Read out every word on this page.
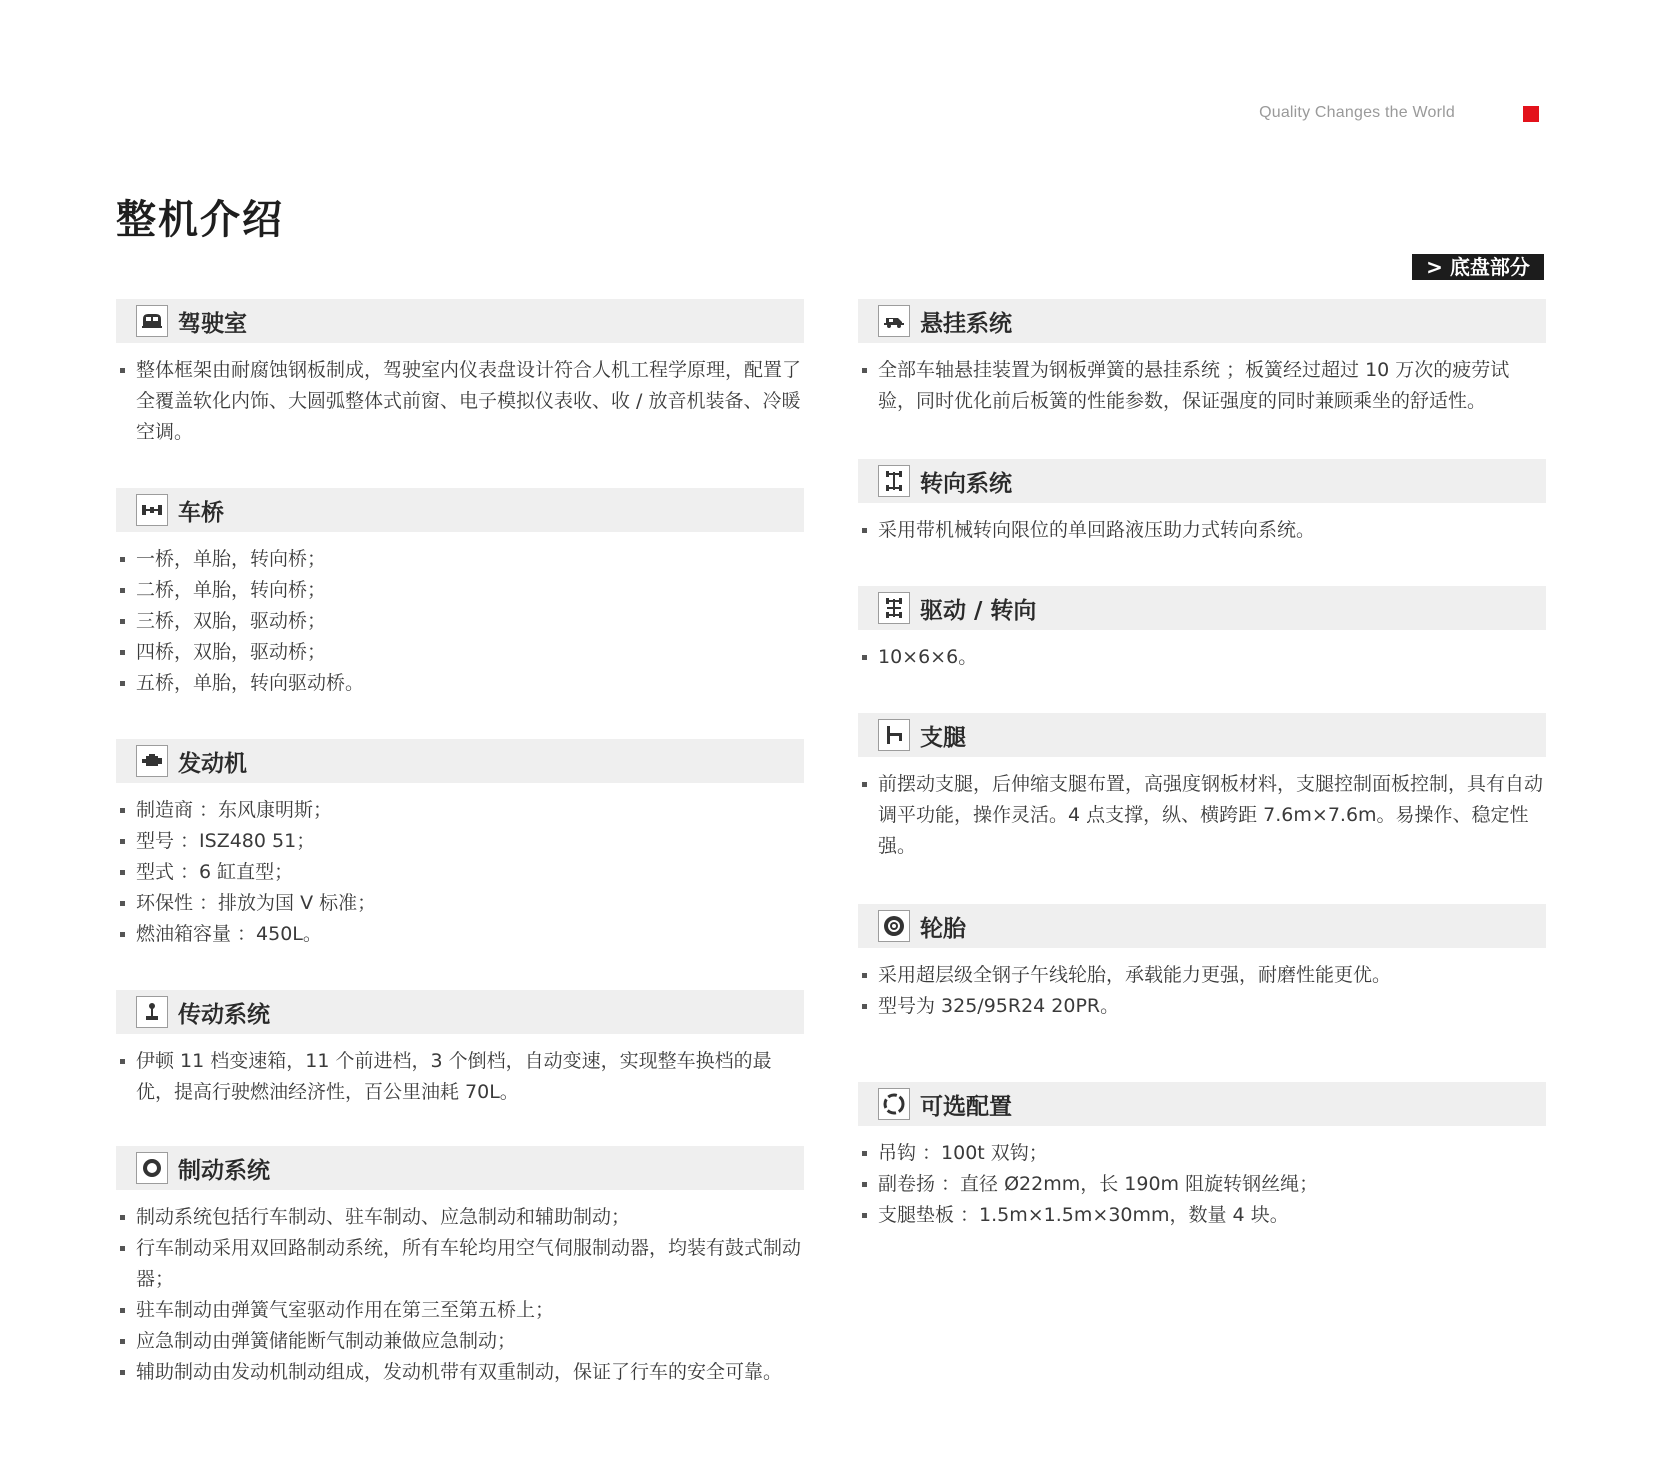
Quality Changes the World
整机介绍
> 底盘部分
驾驶室
整体框架由耐腐蚀钢板制成，驾驶室内仪表盘设计符合人机工程学原理，配置了全覆盖软化内饰、大圆弧整体式前窗、电子模拟仪表收、收 / 放音机装备、冷暖空调。
车桥
一桥，单胎，转向桥；
二桥，单胎，转向桥；
三桥，双胎，驱动桥；
四桥，双胎，驱动桥；
五桥，单胎，转向驱动桥。
发动机
制造商 ：东风康明斯；
型号 ：ISZ480 51；
型式 ：6 缸直型；
环保性 ：排放为国 V 标准；
燃油箱容量 ：450L。
传动系统
伊顿 11 档变速箱，11 个前进档，3 个倒档，自动变速，实现整车换档的最优，提高行驶燃油经济性，百公里油耗 70L。
制动系统
制动系统包括行车制动、驻车制动、应急制动和辅助制动；
行车制动采用双回路制动系统，所有车轮均用空气伺服制动器，均装有鼓式制动器；
驻车制动由弹簧气室驱动作用在第三至第五桥上；
应急制动由弹簧储能断气制动兼做应急制动；
辅助制动由发动机制动组成，发动机带有双重制动，保证了行车的安全可靠。
悬挂系统
全部车轴悬挂装置为钢板弹簧的悬挂系统 ；板簧经过超过 10 万次的疲劳试验，同时优化前后板簧的性能参数，保证强度的同时兼顾乘坐的舒适性。
转向系统
采用带机械转向限位的单回路液压助力式转向系统。
驱动 / 转向
10×6×6。
支腿
前摆动支腿，后伸缩支腿布置，高强度钢板材料，支腿控制面板控制，具有自动调平功能，操作灵活。4 点支撑，纵、横跨距 7.6m×7.6m。易操作、稳定性强。
轮胎
采用超层级全钢子午线轮胎，承载能力更强，耐磨性能更优。
型号为 325/95R24 20PR。
可选配置
吊钩 ：100t 双钩；
副卷扬 ：直径 Ø22mm，长 190m 阻旋转钢丝绳；
支腿垫板 ：1.5m×1.5m×30mm，数量 4 块。
